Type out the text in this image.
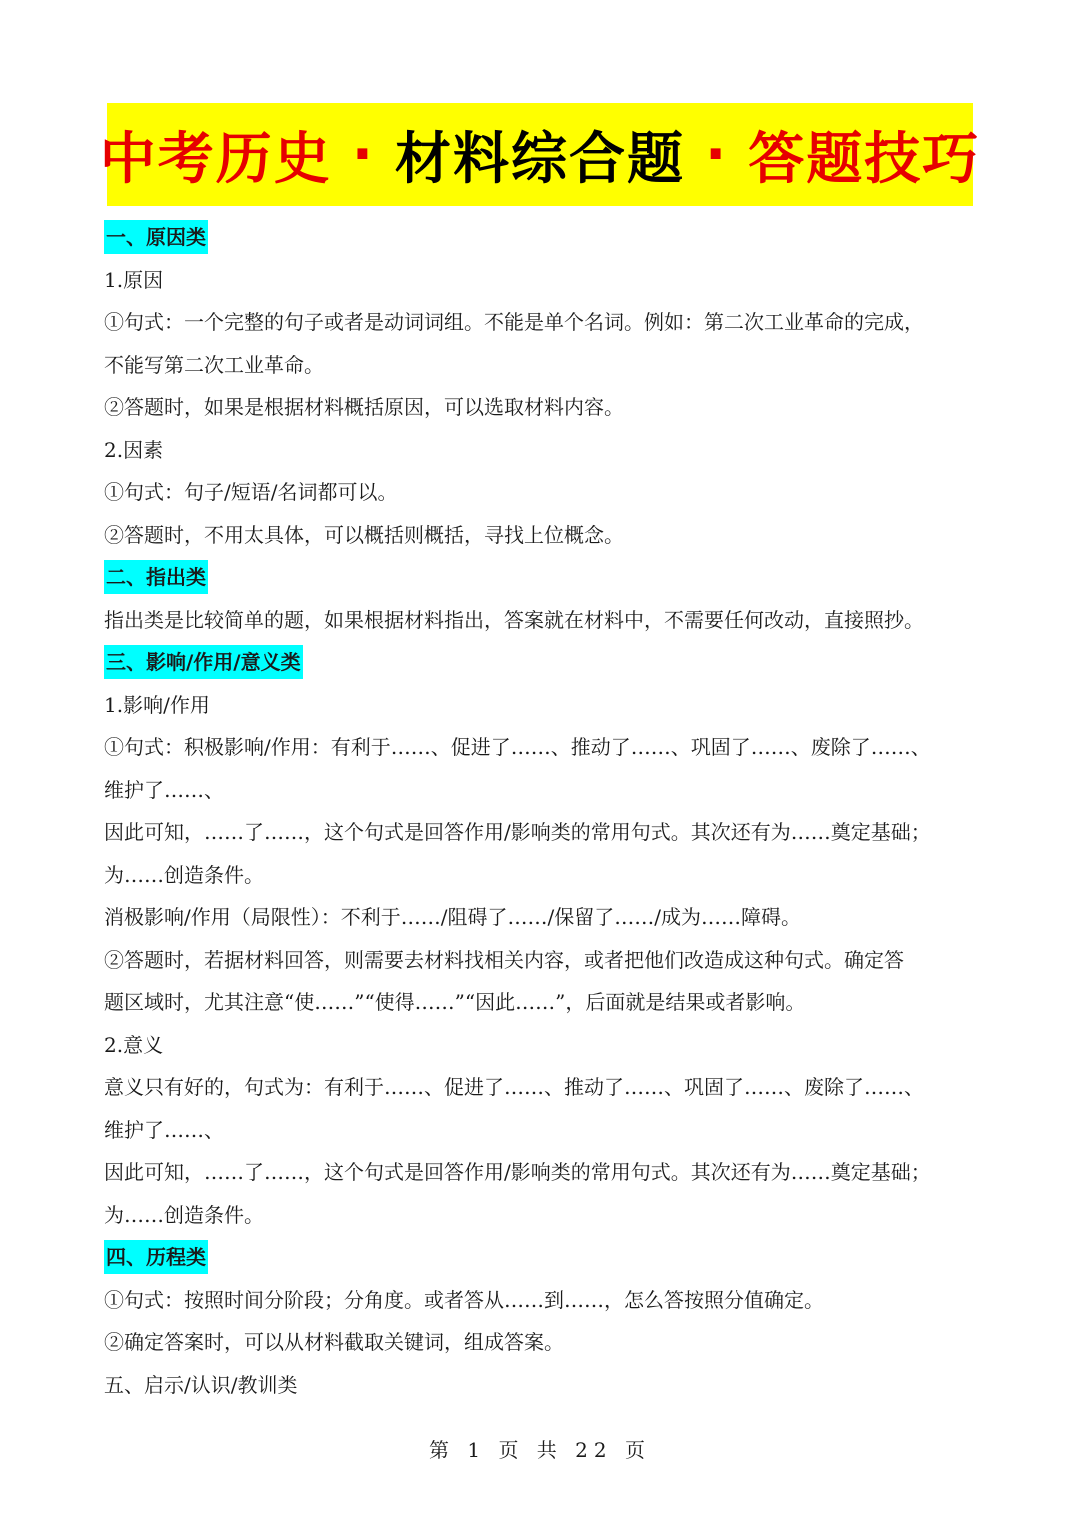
中考历史 · 材料综合题 · 答题技巧
一、原因类
1.原因
①句式：一个完整的句子或者是动词词组。不能是单个名词。例如：第二次工业革命的完成，
不能写第二次工业革命。
②答题时，如果是根据材料概括原因，可以选取材料内容。
2.因素
①句式：句子/短语/名词都可以。
②答题时，不用太具体，可以概括则概括，寻找上位概念。
二、指出类
指出类是比较简单的题，如果根据材料指出，答案就在材料中，不需要任何改动，直接照抄。
三、影响/作用/意义类
1.影响/作用
①句式：积极影响/作用：有利于……、促进了……、推动了……、巩固了……、废除了……、
维护了……、
因此可知，……了……，这个句式是回答作用/影响类的常用句式。其次还有为……奠定基础；
为……创造条件。
消极影响/作用（局限性）：不利于……/阻碍了……/保留了……/成为……障碍。
②答题时，若据材料回答，则需要去材料找相关内容，或者把他们改造成这种句式。确定答
题区域时，尤其注意“使……”“使得……”“因此……”，后面就是结果或者影响。
2.意义
意义只有好的，句式为：有利于……、促进了……、推动了……、巩固了……、废除了……、
维护了……、
因此可知，……了……，这个句式是回答作用/影响类的常用句式。其次还有为……奠定基础；
为……创造条件。
四、历程类
①句式：按照时间分阶段；分角度。或者答从……到……，怎么答按照分值确定。
②确定答案时，可以从材料截取关键词，组成答案。
五、启示/认识/教训类
第 1 页 共 22 页
